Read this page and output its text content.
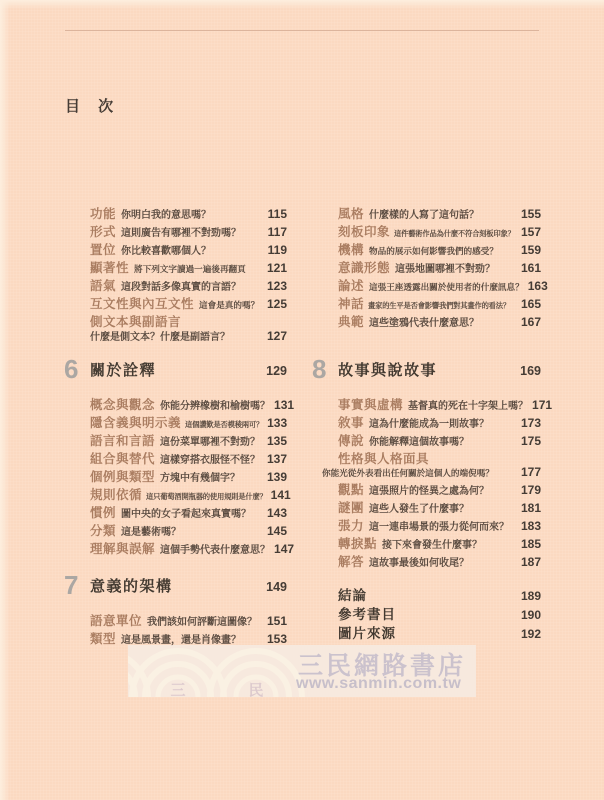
目 次
三	民
三民網路書店
www.sanmin.com.tw
功能 你明白我的意思嗎？	115
形式 這則廣告有哪裡不對勁嗎？	117
置位 你比較喜歡哪個人？	119
顯著性 將下列文字讀過一遍後再翻頁	121
語氣 這段對話多像真實的言語？	123
互文性與內互文性 這會是真的嗎？ 125
側文本與副語言
什麼是側文本？什麼是副語言？	127
6 關於詮釋	129
概念與觀念 你能分辨橡樹和榆樹嗎？ 131
隱含義與明示義 這個讚歎是否模稜兩可？ 133
語言和言語 這份菜單哪裡不對勁？ 135
組合與替代 這樣穿搭衣服怪不怪？ 137
個例與類型 方塊中有幾個字？	139
規則依循 這只葡萄酒開瓶器的使用規則是什麼？ 141
慣例 圖中央的女子看起來真實嗎？	143
分類 這是藝術嗎？	145
理解與誤解 這個手勢代表什麼意思？ 147
7 意義的架構	149
語意單位 我們該如何評斷這圖像？ 151
類型 這是風景畫，還是肖像畫？	153
風格 什麼樣的人寫了這句話？	155
刻板印象 這件藝術作品為什麼不符合刻板印象？ 157
機構 物品的展示如何影響我們的感受？	159
意識形態 這張地圖哪裡不對勁？	161
論述 這張王座透露出關於使用者的什麼訊息？ 163
神話 畫家的生平是否會影響我們對其畫作的看法？ 165
典範 這些塗鴉代表什麼意思？	167
8 故事與說故事	169
事實與虛構 基督真的死在十字架上嗎？ 171
敘事 這為什麼能成為一則故事？	173
傳說 你能解釋這個故事嗎？	175
性格與人格面具
你能光從外表看出任何關於這個人的端倪嗎？	177
觀點 這張照片的怪異之處為何？	179
謎團 這些人發生了什麼事？	181
張力 這一連串場景的張力從何而來？ 183
轉捩點 接下來會發生什麼事？	185
解答 這故事最後如何收尾？	187
結論	189
參考書目	190
圖片來源	192
